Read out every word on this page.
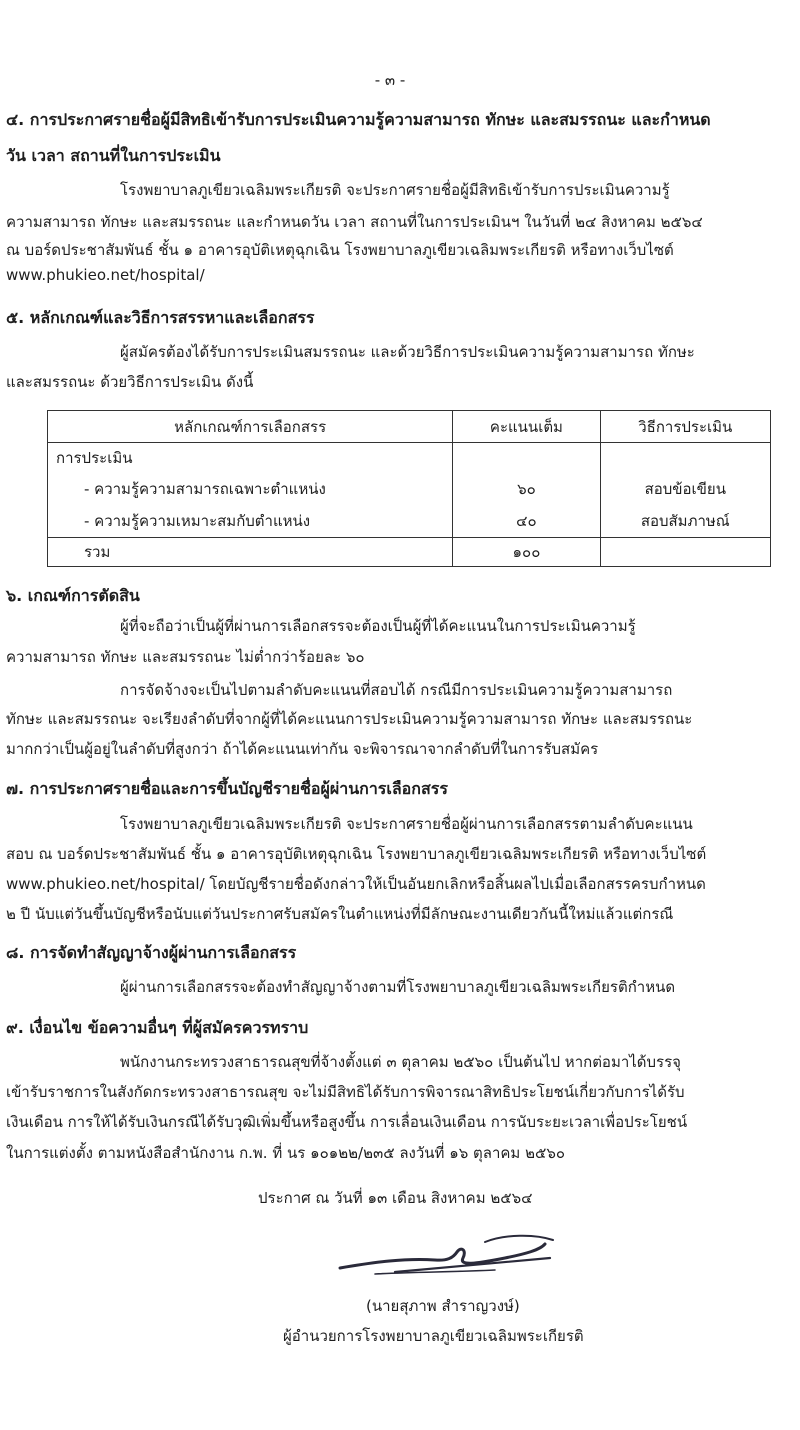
- ๓ -
๔. การประกาศรายชื่อผู้มีสิทธิเข้ารับการประเมินความรู้ความสามารถ ทักษะ และสมรรถนะ และกำหนด
วัน เวลา สถานที่ในการประเมิน
โรงพยาบาลภูเขียวเฉลิมพระเกียรติ จะประกาศรายชื่อผู้มีสิทธิเข้ารับการประเมินความรู้
ความสามารถ ทักษะ และสมรรถนะ และกำหนดวัน เวลา สถานที่ในการประเมินฯ ในวันที่ ๒๔ สิงหาคม ๒๕๖๔
ณ บอร์ดประชาสัมพันธ์ ชั้น ๑ อาคารอุบัติเหตุฉุกเฉิน โรงพยาบาลภูเขียวเฉลิมพระเกียรติ หรือทางเว็บไซต์
www.phukieo.net/hospital/
๕. หลักเกณฑ์และวิธีการสรรหาและเลือกสรร
ผู้สมัครต้องได้รับการประเมินสมรรถนะ และด้วยวิธีการประเมินความรู้ความสามารถ ทักษะ
และสมรรถนะ ด้วยวิธีการประเมิน ดังนี้
หลักเกณฑ์การเลือกสรร	คะแนนเต็ม	วิธีการประเมิน
การประเมิน		
- ความรู้ความสามารถเฉพาะตำแหน่ง	๖๐	สอบข้อเขียน
- ความรู้ความเหมาะสมกับตำแหน่ง	๔๐	สอบสัมภาษณ์
รวม	๑๐๐	
๖. เกณฑ์การตัดสิน
ผู้ที่จะถือว่าเป็นผู้ที่ผ่านการเลือกสรรจะต้องเป็นผู้ที่ได้คะแนนในการประเมินความรู้
ความสามารถ ทักษะ และสมรรถนะ ไม่ต่ำกว่าร้อยละ ๖๐
การจัดจ้างจะเป็นไปตามลำดับคะแนนที่สอบได้ กรณีมีการประเมินความรู้ความสามารถ
ทักษะ และสมรรถนะ จะเรียงลำดับที่จากผู้ที่ได้คะแนนการประเมินความรู้ความสามารถ ทักษะ และสมรรถนะ
มากกว่าเป็นผู้อยู่ในลำดับที่สูงกว่า ถ้าได้คะแนนเท่ากัน จะพิจารณาจากลำดับที่ในการรับสมัคร
๗. การประกาศรายชื่อและการขึ้นบัญชีรายชื่อผู้ผ่านการเลือกสรร
โรงพยาบาลภูเขียวเฉลิมพระเกียรติ จะประกาศรายชื่อผู้ผ่านการเลือกสรรตามลำดับคะแนน
สอบ ณ บอร์ดประชาสัมพันธ์ ชั้น ๑ อาคารอุบัติเหตุฉุกเฉิน โรงพยาบาลภูเขียวเฉลิมพระเกียรติ หรือทางเว็บไซต์
www.phukieo.net/hospital/ โดยบัญชีรายชื่อดังกล่าวให้เป็นอันยกเลิกหรือสิ้นผลไปเมื่อเลือกสรรครบกำหนด
๒ ปี นับแต่วันขึ้นบัญชีหรือนับแต่วันประกาศรับสมัครในตำแหน่งที่มีลักษณะงานเดียวกันนี้ใหม่แล้วแต่กรณี
๘. การจัดทำสัญญาจ้างผู้ผ่านการเลือกสรร
ผู้ผ่านการเลือกสรรจะต้องทำสัญญาจ้างตามที่โรงพยาบาลภูเขียวเฉลิมพระเกียรติกำหนด
๙. เงื่อนไข ข้อความอื่นๆ ที่ผู้สมัครควรทราบ
พนักงานกระทรวงสาธารณสุขที่จ้างตั้งแต่ ๓ ตุลาคม ๒๕๖๐ เป็นต้นไป หากต่อมาได้บรรจุ
เข้ารับราชการในสังกัดกระทรวงสาธารณสุข จะไม่มีสิทธิได้รับการพิจารณาสิทธิประโยชน์เกี่ยวกับการได้รับ
เงินเดือน การให้ได้รับเงินกรณีได้รับวุฒิเพิ่มขึ้นหรือสูงขึ้น การเลื่อนเงินเดือน การนับระยะเวลาเพื่อประโยชน์
ในการแต่งตั้ง ตามหนังสือสำนักงาน ก.พ. ที่ นร ๑๐๑๒๒/๒๓๕ ลงวันที่ ๑๖ ตุลาคม ๒๕๖๐
ประกาศ ณ วันที่ ๑๓ เดือน สิงหาคม ๒๕๖๔
(นายสุภาพ สำราญวงษ์)
ผู้อำนวยการโรงพยาบาลภูเขียวเฉลิมพระเกียรติ
